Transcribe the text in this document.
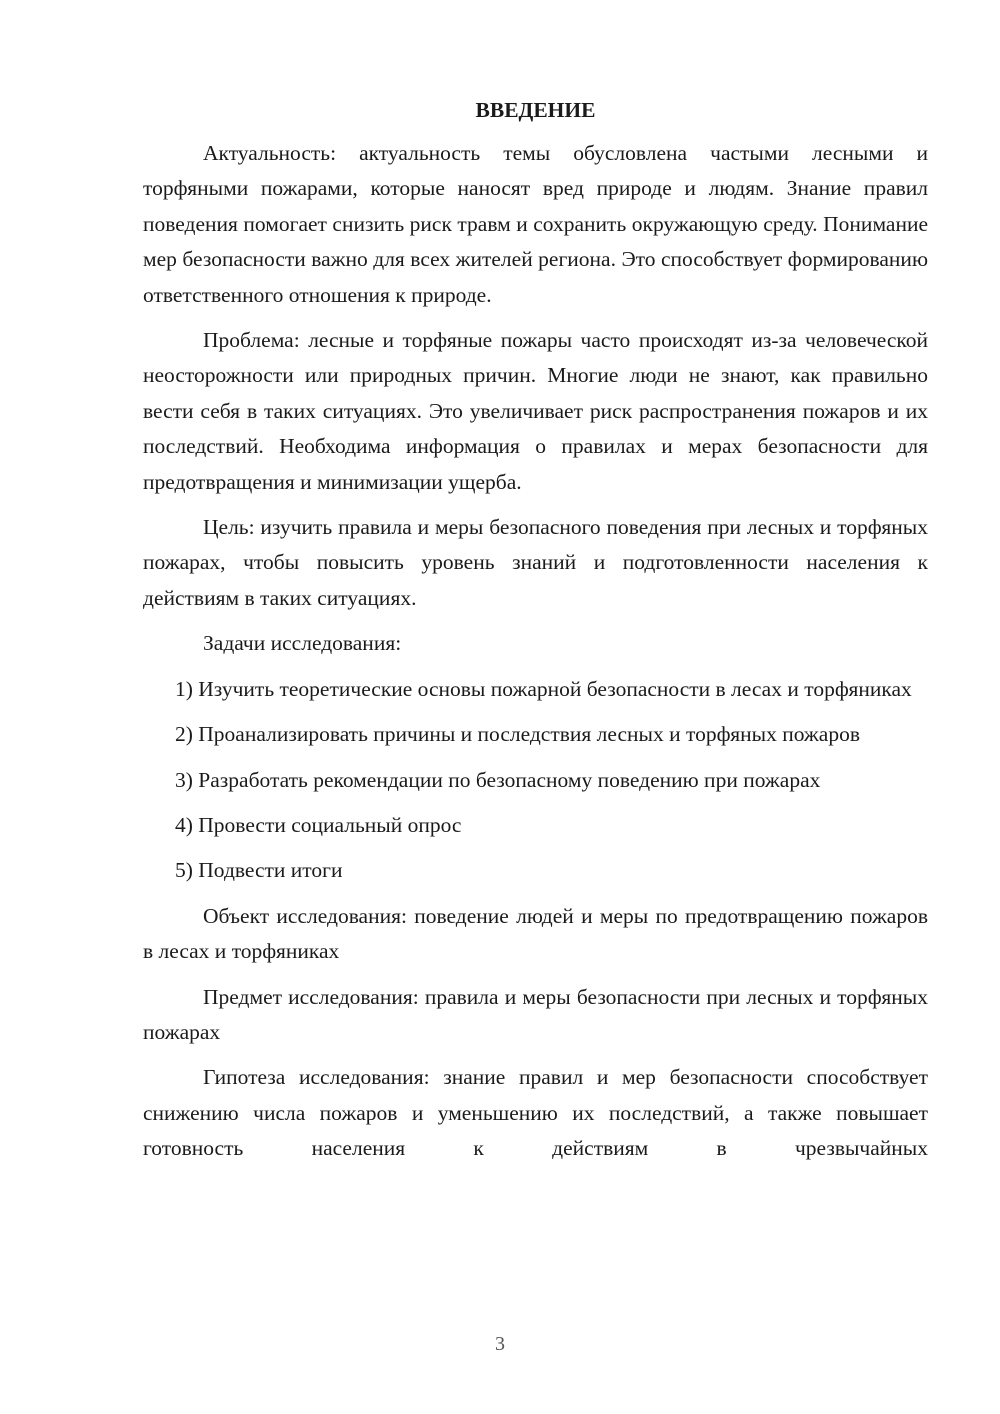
ВВЕДЕНИЕ

Актуальность: актуальность темы обусловлена частыми лесными и торфяными пожарами, которые наносят вред природе и людям. Знание правил поведения помогает снизить риск травм и сохранить окружающую среду. Понимание мер безопасности важно для всех жителей региона. Это способствует формированию ответственного отношения к природе.

Проблема: лесные и торфяные пожары часто происходят из-за человеческой неосторожности или природных причин. Многие люди не знают, как правильно вести себя в таких ситуациях. Это увеличивает риск распространения пожаров и их последствий. Необходима информация о правилах и мерах безопасности для предотвращения и минимизации ущерба.

Цель: изучить правила и меры безопасного поведения при лесных и торфяных пожарах, чтобы повысить уровень знаний и подготовленности населения к действиям в таких ситуациях.

Задачи исследования:

1) Изучить теоретические основы пожарной безопасности в лесах и торфяниках

2) Проанализировать причины и последствия лесных и торфяных пожаров

3) Разработать рекомендации по безопасному поведению при пожарах

4) Провести социальный опрос

5) Подвести итоги

Объект исследования: поведение людей и меры по предотвращению пожаров в лесах и торфяниках

Предмет исследования: правила и меры безопасности при лесных и торфяных пожарах

Гипотеза исследования: знание правил и мер безопасности способствует снижению числа пожаров и уменьшению их последствий, а также повышает готовность населения к действиям в чрезвычайных

3
